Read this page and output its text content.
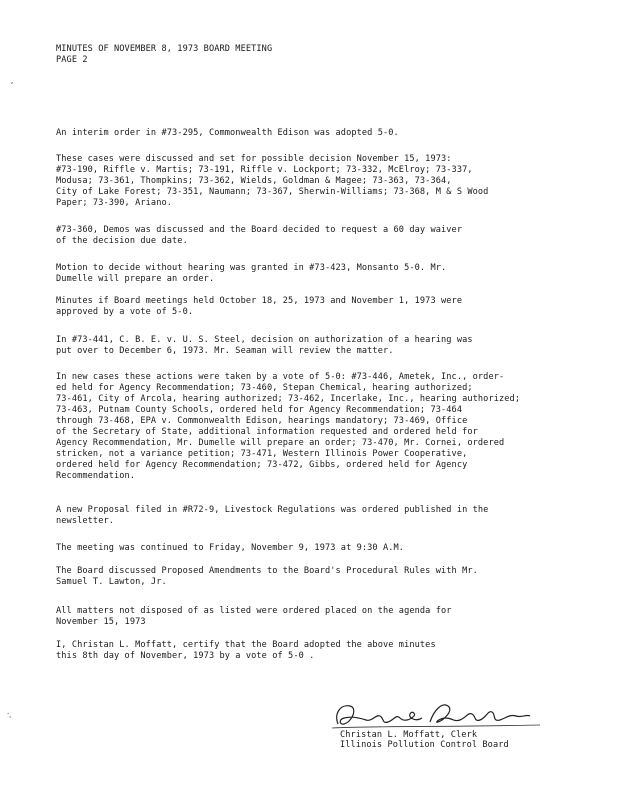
MINUTES OF NOVEMBER 8, 1973 BOARD MEETING
PAGE 2
An interim order in #73-295, Commonwealth Edison was adopted 5-0.
These cases were discussed and set for possible decision November 15, 1973:
#73-190, Riffle v. Martis; 73-191, Riffle v. Lockport; 73-332, McElroy; 73-337,
Modusa; 73-361, Thompkins; 73-362, Wields, Goldman & Magee; 73-363, 73-364,
City of Lake Forest; 73-351, Naumann; 73-367, Sherwin-Williams; 73-368, M & S Wood
Paper; 73-390, Ariano.
#73-360, Demos was discussed and the Board decided to request a 60 day waiver
of the decision due date.
Motion to decide without hearing was granted in #73-423, Monsanto 5-0. Mr.
Dumelle will prepare an order.
Minutes if Board meetings held October 18, 25, 1973 and November 1, 1973 were
approved by a vote of 5-0.
In #73-441, C. B. E. v. U. S. Steel, decision on authorization of a hearing was
put over to December 6, 1973. Mr. Seaman will review the matter.
In new cases these actions were taken by a vote of 5-0: #73-446, Ametek, Inc., order-
ed held for Agency Recommendation; 73-460, Stepan Chemical, hearing authorized;
73-461, City of Arcola, hearing authorized; 73-462, Incerlake, Inc., hearing authorized;
73-463, Putnam County Schools, ordered held for Agency Recommendation; 73-464
through 73-468, EPA v. Commonwealth Edison, hearings mandatory; 73-469, Office
of the Secretary of State, additional information requested and ordered held for
Agency Recommendation, Mr. Dumelle will prepare an order; 73-470, Mr. Cornei, ordered
stricken, not a variance petition; 73-471, Western Illinois Power Cooperative,
ordered held for Agency Recommendation; 73-472, Gibbs, ordered held for Agency
Recommendation.
A new Proposal filed in #R72-9, Livestock Regulations was ordered published in the
newsletter.
The meeting was continued to Friday, November 9, 1973 at 9:30 A.M.
The Board discussed Proposed Amendments to the Board's Procedural Rules with Mr.
Samuel T. Lawton, Jr.
All matters not disposed of as listed were ordered placed on the agenda for
November 15, 1973
I, Christan L. Moffatt, certify that the Board adopted the above minutes
this 8th day of November, 1973 by a vote of 5-0 .
,
.
'
Christan L. Moffatt, Clerk
Illinois Pollution Control Board
